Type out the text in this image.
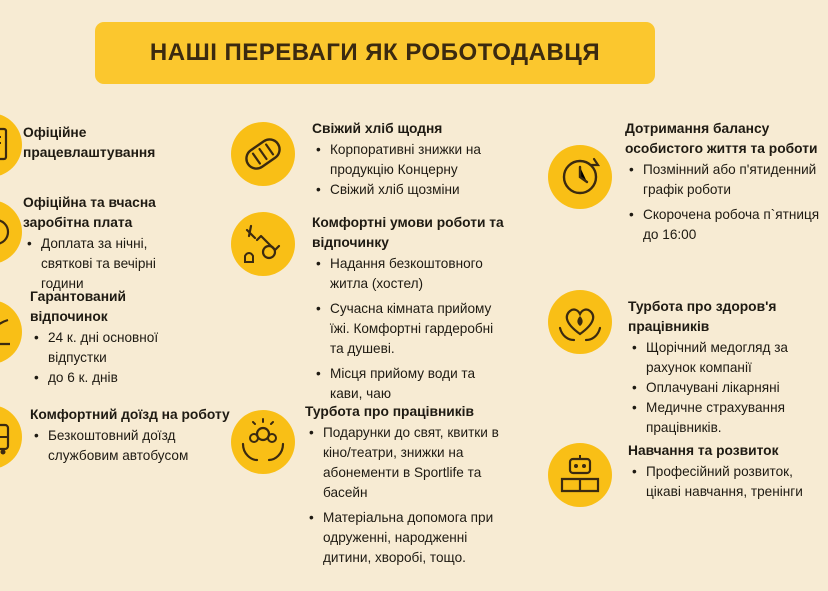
НАШІ ПЕРЕВАГИ ЯК РОБОТОДАВЦЯ
Офіційне працевлаштування
Офіційна та вчасна заробітна плата
• Доплата за нічні, святкові та вечірні години
Гарантований відпочинок
• 24 к. дні основної відпустки
• до 6 к. днів
Комфортний доїзд на роботу
• Безкоштовний доїзд службовим автобусом
Свіжий хліб щодня
• Корпоративні знижки на продукцію Концерну
• Свіжий хліб щозміни
Комфортні умови роботи та відпочинку
• Надання безкоштовного житла (хостел)
• Сучасна кімната прийому їжі. Комфортні гардеробні та душеві.
• Місця прийому води та кави, чаю
Турбота про працівників
• Подарунки до свят, квитки в кіно/театри, знижки на абонементи в Sportlife та басейн
• Матеріальна допомога при одруженні, народженні дитини, хворобі, тощо.
Дотримання балансу особистого життя та роботи
• Позмінний або п'ятиденний графік роботи
• Скорочена робоча п`ятниця до 16:00
Турбота про здоров'я працівників
• Щорічний медогляд за рахунок компанії
• Оплачувані лікарняні
• Медичне страхування працівників.
Навчання та розвиток
• Професійний розвиток, цікаві навчання, тренінги
